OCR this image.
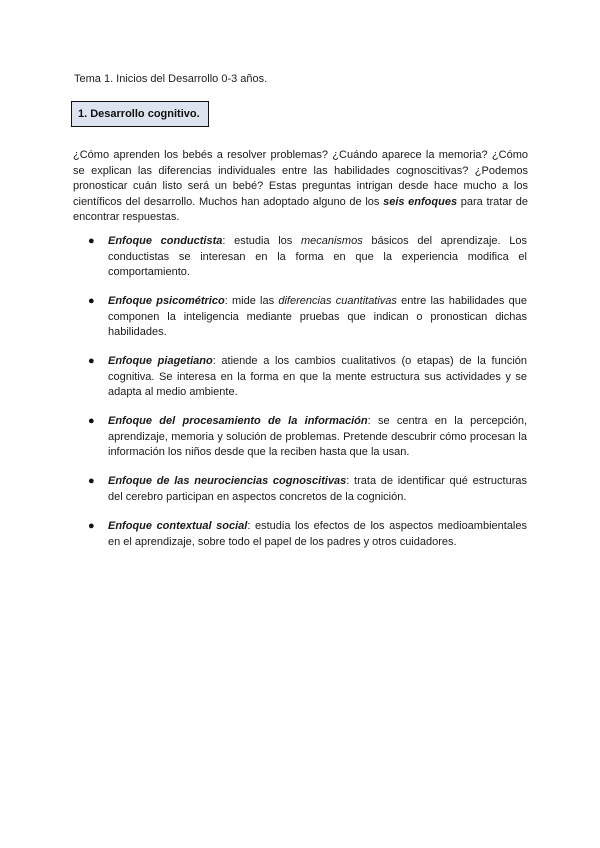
Tema 1. Inicios del Desarrollo 0-3 años.
1. Desarrollo cognitivo.

¿Cómo aprenden los bebés a resolver problemas? ¿Cuándo aparece la memoria? ¿Cómo se explican las diferencias individuales entre las habilidades cognoscitivas? ¿Podemos pronosticar cuán listo será un bebé? Estas preguntas intrigan desde hace mucho a los científicos del desarrollo. Muchos han adoptado alguno de los seis enfoques para tratar de encontrar respuestas.

● Enfoque conductista: estudia los mecanismos básicos del aprendizaje. Los conductistas se interesan en la forma en que la experiencia modifica el comportamiento.
● Enfoque psicométrico: mide las diferencias cuantitativas entre las habilidades que componen la inteligencia mediante pruebas que indican o pronostican dichas habilidades.
● Enfoque piagetiano: atiende a los cambios cualitativos (o etapas) de la función cognitiva. Se interesa en la forma en que la mente estructura sus actividades y se adapta al medio ambiente.
● Enfoque del procesamiento de la información: se centra en la percepción, aprendizaje, memoria y solución de problemas. Pretende descubrir cómo procesan la información los niños desde que la reciben hasta que la usan.
● Enfoque de las neurociencias cognoscitivas: trata de identificar qué estructuras del cerebro participan en aspectos concretos de la cognición.
● Enfoque contextual social: estudia los efectos de los aspectos medioambientales en el aprendizaje, sobre todo el papel de los padres y otros cuidadores.
